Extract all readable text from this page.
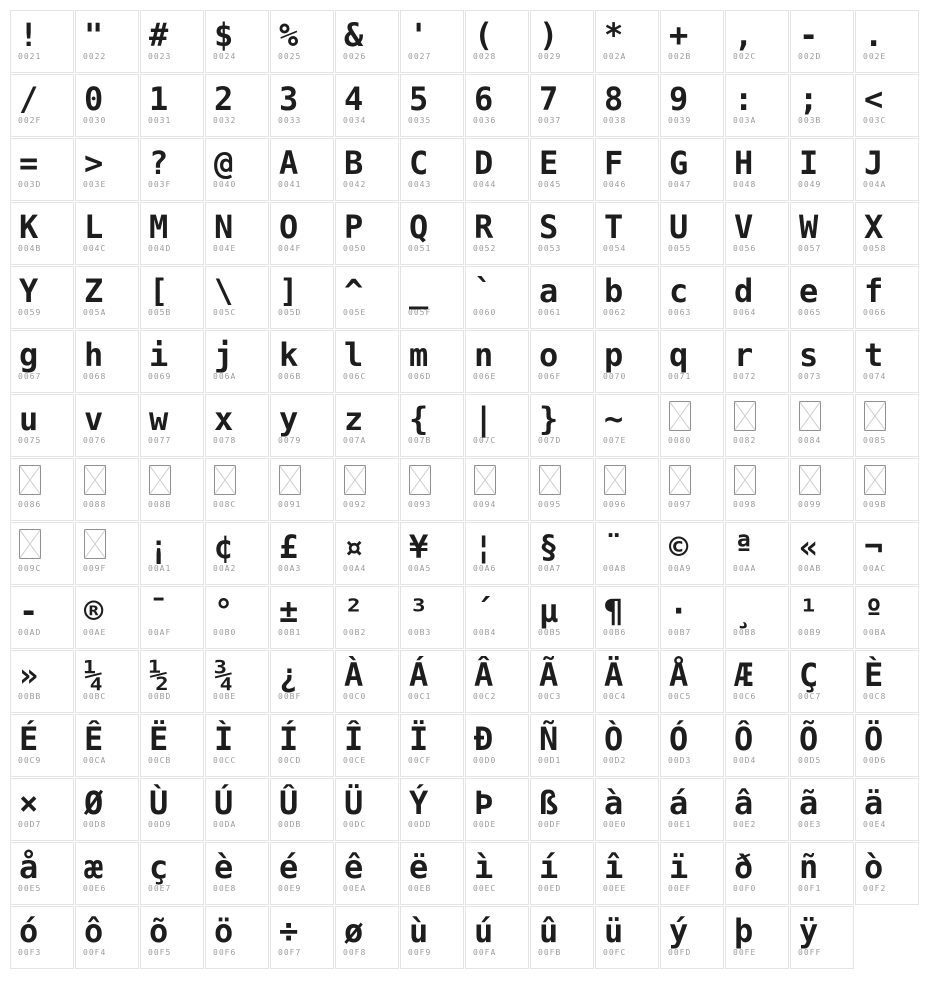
!
0021
"
0022
#
0023
$
0024
%
0025
&
0026
'
0027
(
0028
)
0029
*
002A
+
002B
,
002C
-
002D
.
002E
/
002F
0
0030
1
0031
2
0032
3
0033
4
0034
5
0035
6
0036
7
0037
8
0038
9
0039
:
003A
;
003B
<
003C
=
003D
>
003E
?
003F
@
0040
A
0041
B
0042
C
0043
D
0044
E
0045
F
0046
G
0047
H
0048
I
0049
J
004A
K
004B
L
004C
M
004D
N
004E
O
004F
P
0050
Q
0051
R
0052
S
0053
T
0054
U
0055
V
0056
W
0057
X
0058
Y
0059
Z
005A
[
005B
\
005C
]
005D
^
005E
_
005F
`
0060
a
0061
b
0062
c
0063
d
0064
e
0065
f
0066
g
0067
h
0068
i
0069
j
006A
k
006B
l
006C
m
006D
n
006E
o
006F
p
0070
q
0071
r
0072
s
0073
t
0074
u
0075
v
0076
w
0077
x
0078
y
0079
z
007A
{
007B
|
007C
}
007D
~
007E	0080	0082	0084	0085
0086	0088	008B	008C	0091	0092	0093	0094	0095	0096	0097	0098	0099	009B
009C	009F
¡
00A1
¢
00A2
£
00A3
¤
00A4
¥
00A5
¦
00A6
§
00A7
¨
00A8
©
00A9
ª
00AA
«
00AB
¬
00AC
-
00AD
®
00AE
¯
00AF
°
00B0
±
00B1
²
00B2
³
00B3
´
00B4
µ
00B5
¶
00B6
·
00B7
¸
00B8
¹
00B9
º
00BA
»
00BB
¼
00BC
½
00BD
¾
00BE
¿
00BF
À
00C0
Á
00C1
Â
00C2
Ã
00C3
Ä
00C4
Å
00C5
Æ
00C6
Ç
00C7
È
00C8
É
00C9
Ê
00CA
Ë
00CB
Ì
00CC
Í
00CD
Î
00CE
Ï
00CF
Ð
00D0
Ñ
00D1
Ò
00D2
Ó
00D3
Ô
00D4
Õ
00D5
Ö
00D6
×
00D7
Ø
00D8
Ù
00D9
Ú
00DA
Û
00DB
Ü
00DC
Ý
00DD
Þ
00DE
ß
00DF
à
00E0
á
00E1
â
00E2
ã
00E3
ä
00E4
å
00E5
æ
00E6
ç
00E7
è
00E8
é
00E9
ê
00EA
ë
00EB
ì
00EC
í
00ED
î
00EE
ï
00EF
ð
00F0
ñ
00F1
ò
00F2
ó
00F3
ô
00F4
õ
00F5
ö
00F6
÷
00F7
ø
00F8
ù
00F9
ú
00FA
û
00FB
ü
00FC
ý
00FD
þ
00FE
ÿ
00FF
